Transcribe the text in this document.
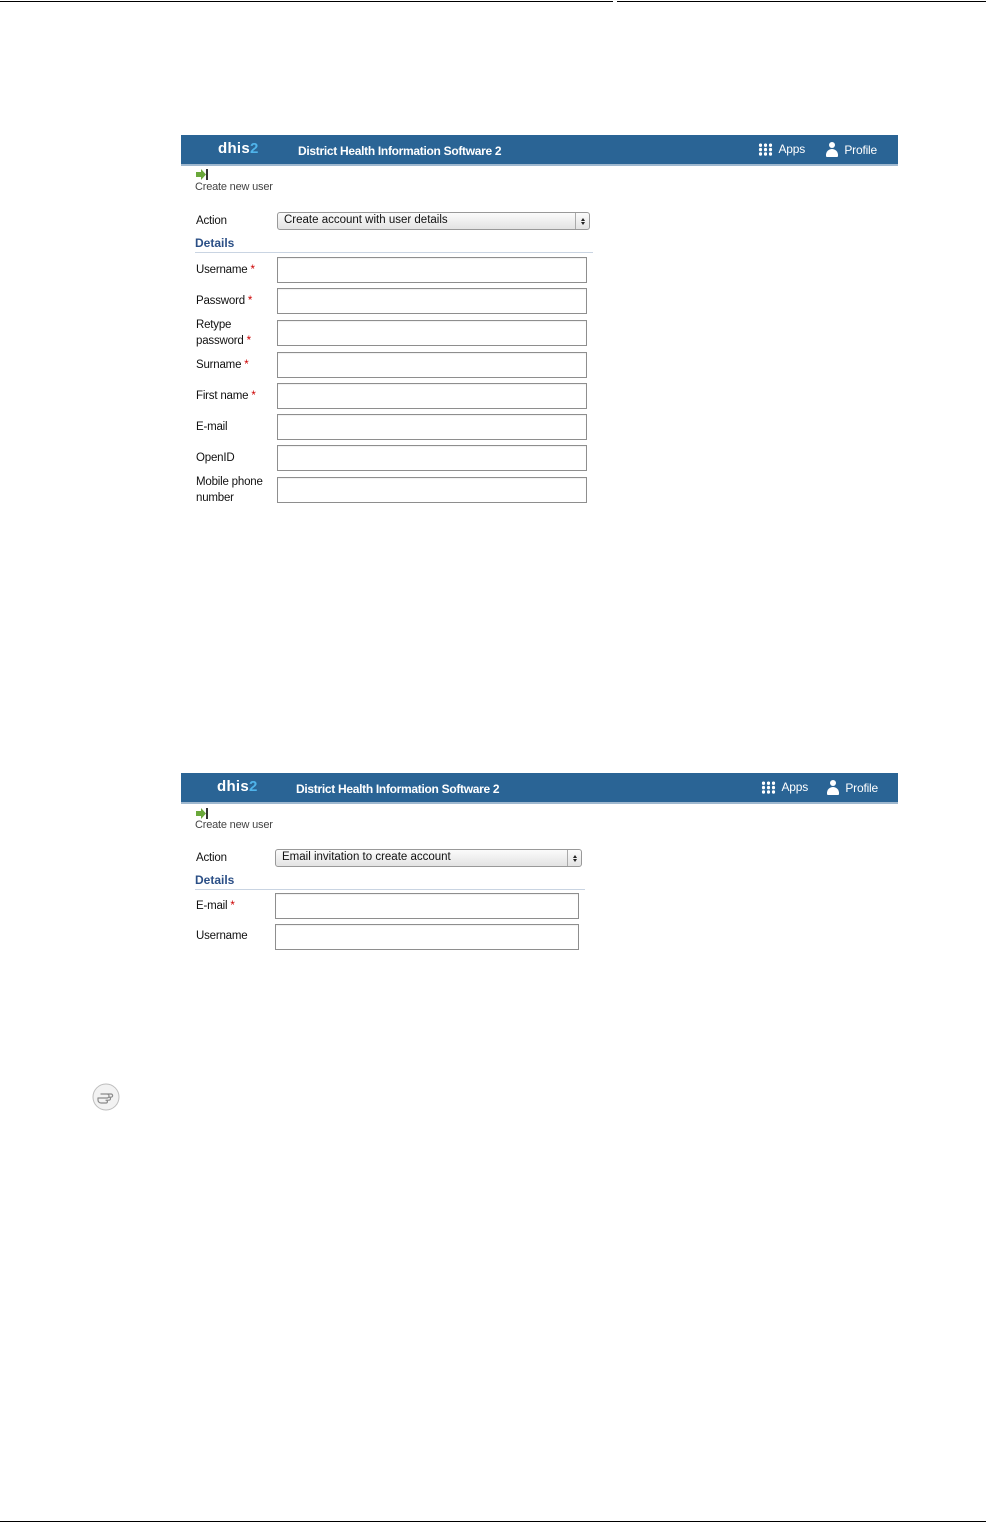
dhis2	District Health Information Software 2	Apps	Profile
Create new user
Action	Create account with user details
Details
Username *
Password *
Retype
password *
Surname *
First name *
E-mail
OpenID
Mobile phone
number
dhis2	District Health Information Software 2	Apps	Profile
Create new user
Action	Email invitation to create account
Details
E-mail *
Username
